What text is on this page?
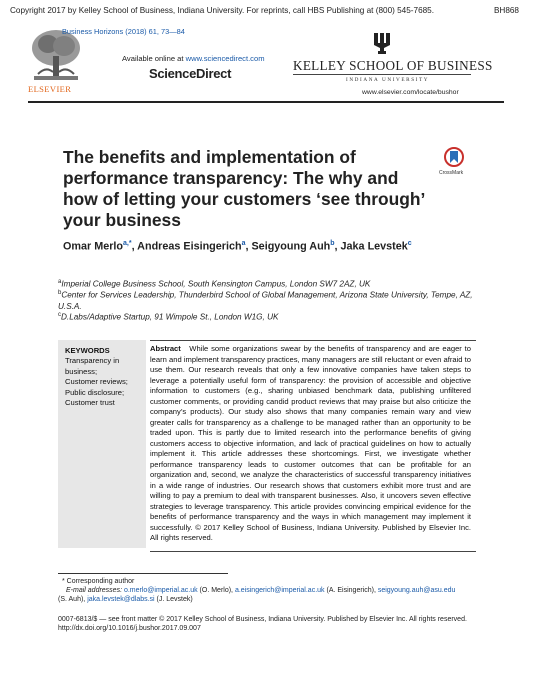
Copyright 2017 by Kelley School of Business, Indiana University. For reprints, call HBS Publishing at (800) 545-7685.	BH868
ELSEVIER
Business Horizons (2018) 61, 73—84
Available online at www.sciencedirect.com
ScienceDirect
KELLEY SCHOOL OF BUSINESS
INDIANA UNIVERSITY
www.elsevier.com/locate/bushor
The benefits and implementation of performance transparency: The why and how of letting your customers ‘see through’ your business
CrossMark
Omar Merlo$^{a,*}$, Andreas Eisingerich$^a$, Seigyoung Auh$^b$, Jaka Levstek$^c$
$^a$Imperial College Business School, South Kensington Campus, London SW7 2AZ, UK
$^b$Center for Services Leadership, Thunderbird School of Global Management, Arizona State University, Tempe, AZ, U.S.A.
$^c$D.Labs/Adaptive Startup, 91 Wimpole St., London W1G, UK
KEYWORDS
Transparency in business;
Customer reviews;
Public disclosure;
Customer trust
Abstract While some organizations swear by the benefits of transparency and are eager to learn and implement transparency practices, many managers are still reluctant or even afraid to use them. Our research reveals that only a few innovative companies have taken steps to leverage a potentially useful form of transparency: the provision of accessible and objective information to customers (e.g., sharing unbiased benchmark data, publishing unfiltered customer comments, or providing candid product reviews that may praise but also criticize the company’s products). Our study also shows that many companies remain wary and view greater calls for transparency as a challenge to be managed rather than an opportunity to be traded upon. This is partly due to limited research into the performance benefits of giving customers access to objective information, and lack of practical guidelines on how to actually implement it. This article addresses these shortcomings. First, we investigate whether performance transparency leads to customer outcomes that can be profitable for an organization and, second, we analyze the characteristics of successful transparency initiatives in a wide range of industries. Our research shows that customers exhibit more trust and are willing to pay a premium to deal with transparent businesses. Also, it uncovers seven effective strategies to leverage transparency. This article provides convincing empirical evidence for the benefits of performance transparency and the ways in which management may implement it successfully. © 2017 Kelley School of Business, Indiana University. Published by Elsevier Inc. All rights reserved.
* Corresponding author
E-mail addresses: o.merlo@imperial.ac.uk (O. Merlo), a.eisingerich@imperial.ac.uk (A. Eisingerich), seigyoung.auh@asu.edu
(S. Auh), jaka.levstek@dlabs.si (J. Levstek)
0007-6813/$ — see front matter © 2017 Kelley School of Business, Indiana University. Published by Elsevier Inc. All rights reserved.
http://dx.doi.org/10.1016/j.bushor.2017.09.007
